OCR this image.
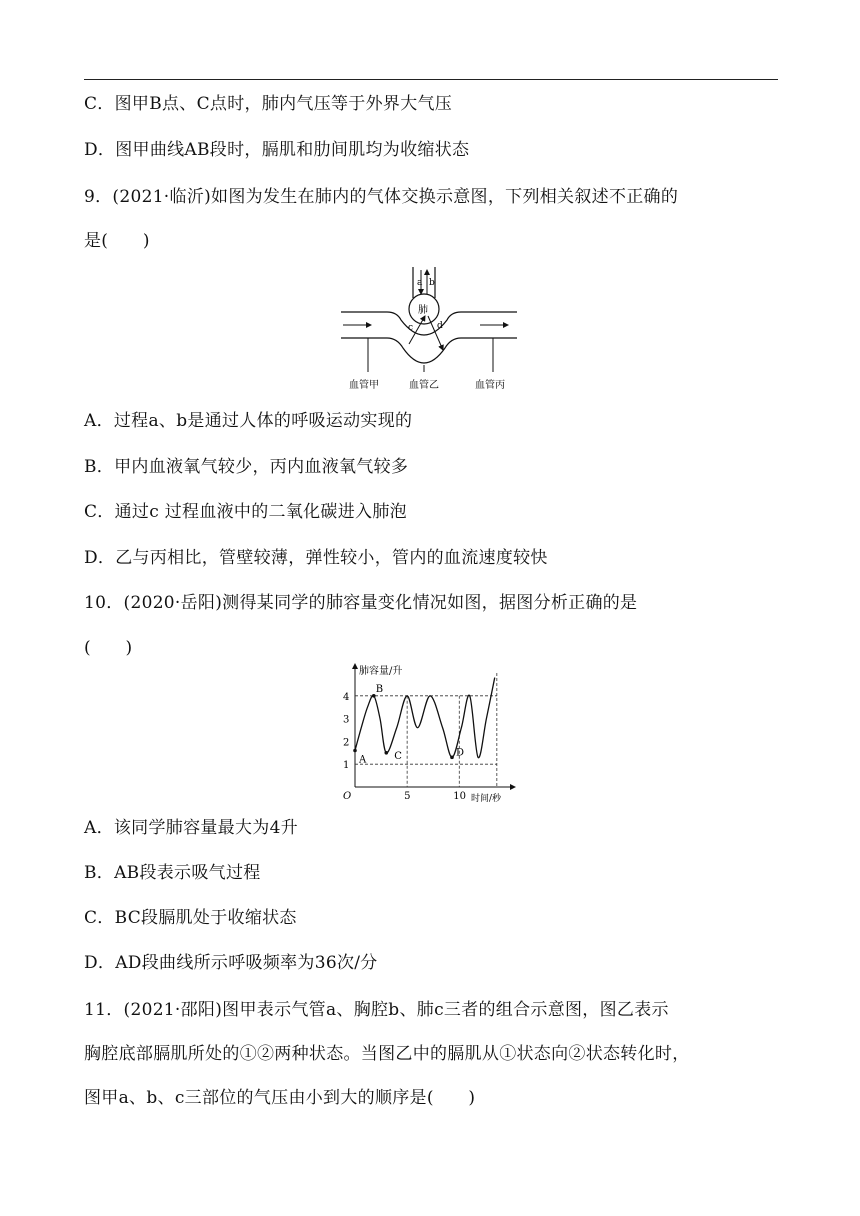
C．图甲B点、C点时，肺内气压等于外界大气压
D．图甲曲线AB段时，膈肌和肋间肌均为收缩状态
9．(2021·临沂)如图为发生在肺内的气体交换示意图，下列相关叙述不正确的
是(　　)
a b
肺
c	d
血管甲	血管乙	血管丙
A．过程a、b是通过人体的呼吸运动实现的
B．甲内血液氧气较少，丙内血液氧气较多
C．通过c 过程血液中的二氧化碳进入肺泡
D．乙与丙相比，管壁较薄，弹性较小，管内的血流速度较快
10．(2020·岳阳)测得某同学的肺容量变化情况如图，据图分析正确的是
(　　)
肺容量/升
时间/秒
O
1
2
3
4
5	10
A
B
C	D
A．该同学肺容量最大为4升
B．AB段表示吸气过程
C．BC段膈肌处于收缩状态
D．AD段曲线所示呼吸频率为36次/分
11．(2021·邵阳)图甲表示气管a、胸腔b、肺c三者的组合示意图，图乙表示
胸腔底部膈肌所处的①②两种状态。当图乙中的膈肌从①状态向②状态转化时，
图甲a、b、c三部位的气压由小到大的顺序是(　　)
